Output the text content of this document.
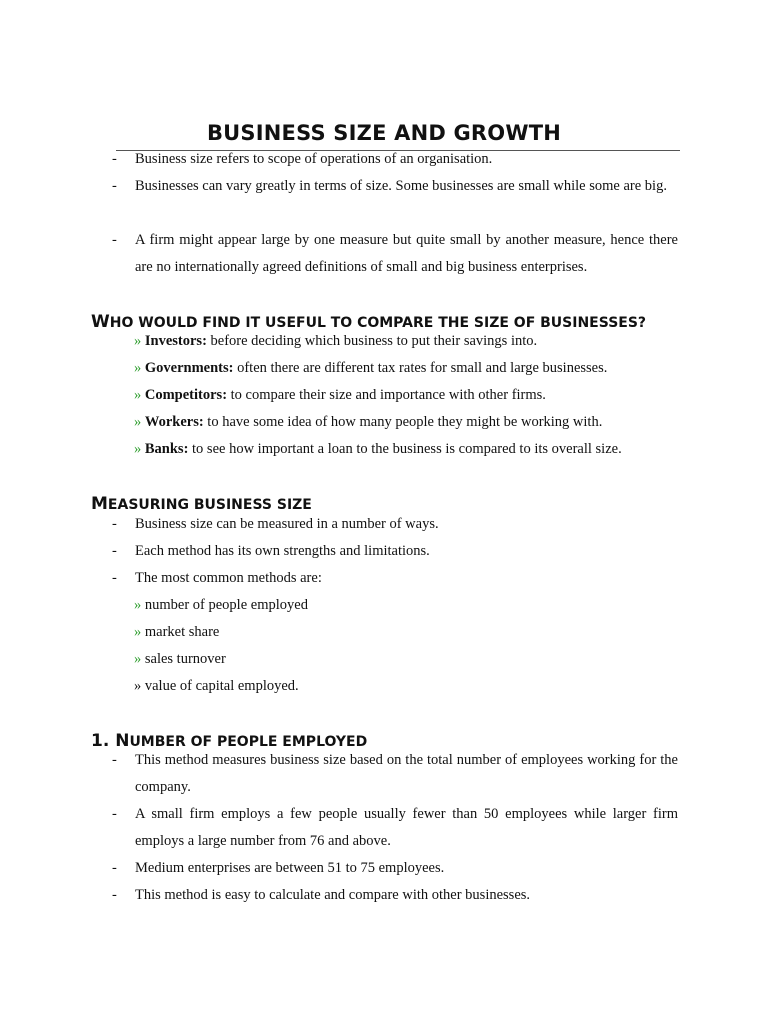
BUSINESS SIZE AND GROWTH
- Business size refers to scope of operations of an organisation.
- Businesses can vary greatly in terms of size. Some businesses are small while some are big.
- A firm might appear large by one measure but quite small by another measure, hence there are no internationally agreed definitions of small and big business enterprises.
WHO WOULD FIND IT USEFUL TO COMPARE THE SIZE OF BUSINESSES?
» Investors: before deciding which business to put their savings into.
» Governments: often there are different tax rates for small and large businesses.
» Competitors: to compare their size and importance with other firms.
» Workers: to have some idea of how many people they might be working with.
» Banks: to see how important a loan to the business is compared to its overall size.
MEASURING BUSINESS SIZE
- Business size can be measured in a number of ways.
- Each method has its own strengths and limitations.
- The most common methods are:
» number of people employed
» market share
» sales turnover
» value of capital employed.
1. NUMBER OF PEOPLE EMPLOYED
- This method measures business size based on the total number of employees working for the company.
- A small firm employs a few people usually fewer than 50 employees while larger firm employs a large number from 76 and above.
- Medium enterprises are between 51 to 75 employees.
- This method is easy to calculate and compare with other businesses.
